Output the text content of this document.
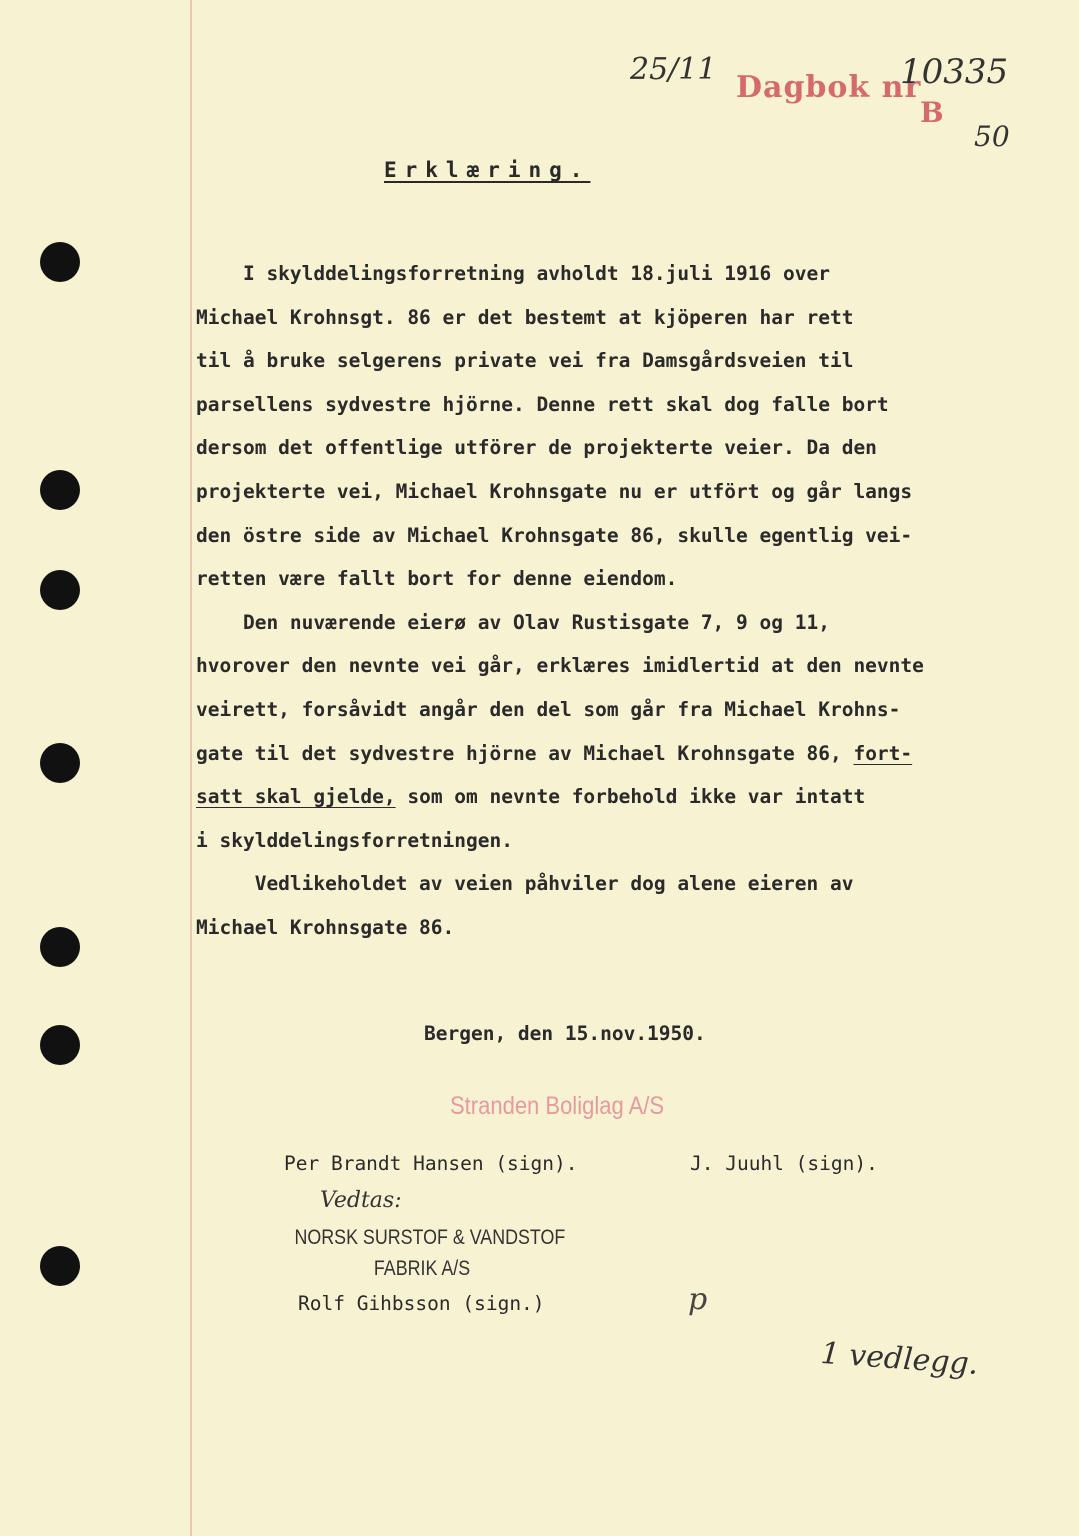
25/11
Dagbok nr
10335
B
50
Erklæring.
I skylddelingsforretning avholdt 18.juli 1916 over
Michael Krohnsgt. 86 er det bestemt at kjöperen har rett
til å bruke selgerens private vei fra Damsgårdsveien til
parsellens sydvestre hjörne. Denne rett skal dog falle bort
dersom det offentlige utförer de projekterte veier. Da den
projekterte vei, Michael Krohnsgate nu er utfört og går langs
den östre side av Michael Krohnsgate 86, skulle egentlig vei-
retten være fallt bort for denne eiendom.
Den nuværende eierø av Olav Rustisgate 7, 9 og 11,
hvorover den nevnte vei går, erklæres imidlertid at den nevnte
veirett, forsåvidt angår den del som går fra Michael Krohns-
gate til det sydvestre hjörne av Michael Krohnsgate 86, fort-
satt skal gjelde, som om nevnte forbehold ikke var intatt
i skylddelingsforretningen.
Vedlikeholdet av veien påhviler dog alene eieren av
Michael Krohnsgate 86.
Bergen, den 15.nov.1950.
Stranden Boliglag A/S
Per Brandt Hansen (sign).	J. Juuhl (sign).
Vedtas:
NORSK SURSTOF & VANDSTOF
FABRIK A/S
Rolf Gihbsson (sign.)	p
1 vedlegg.
